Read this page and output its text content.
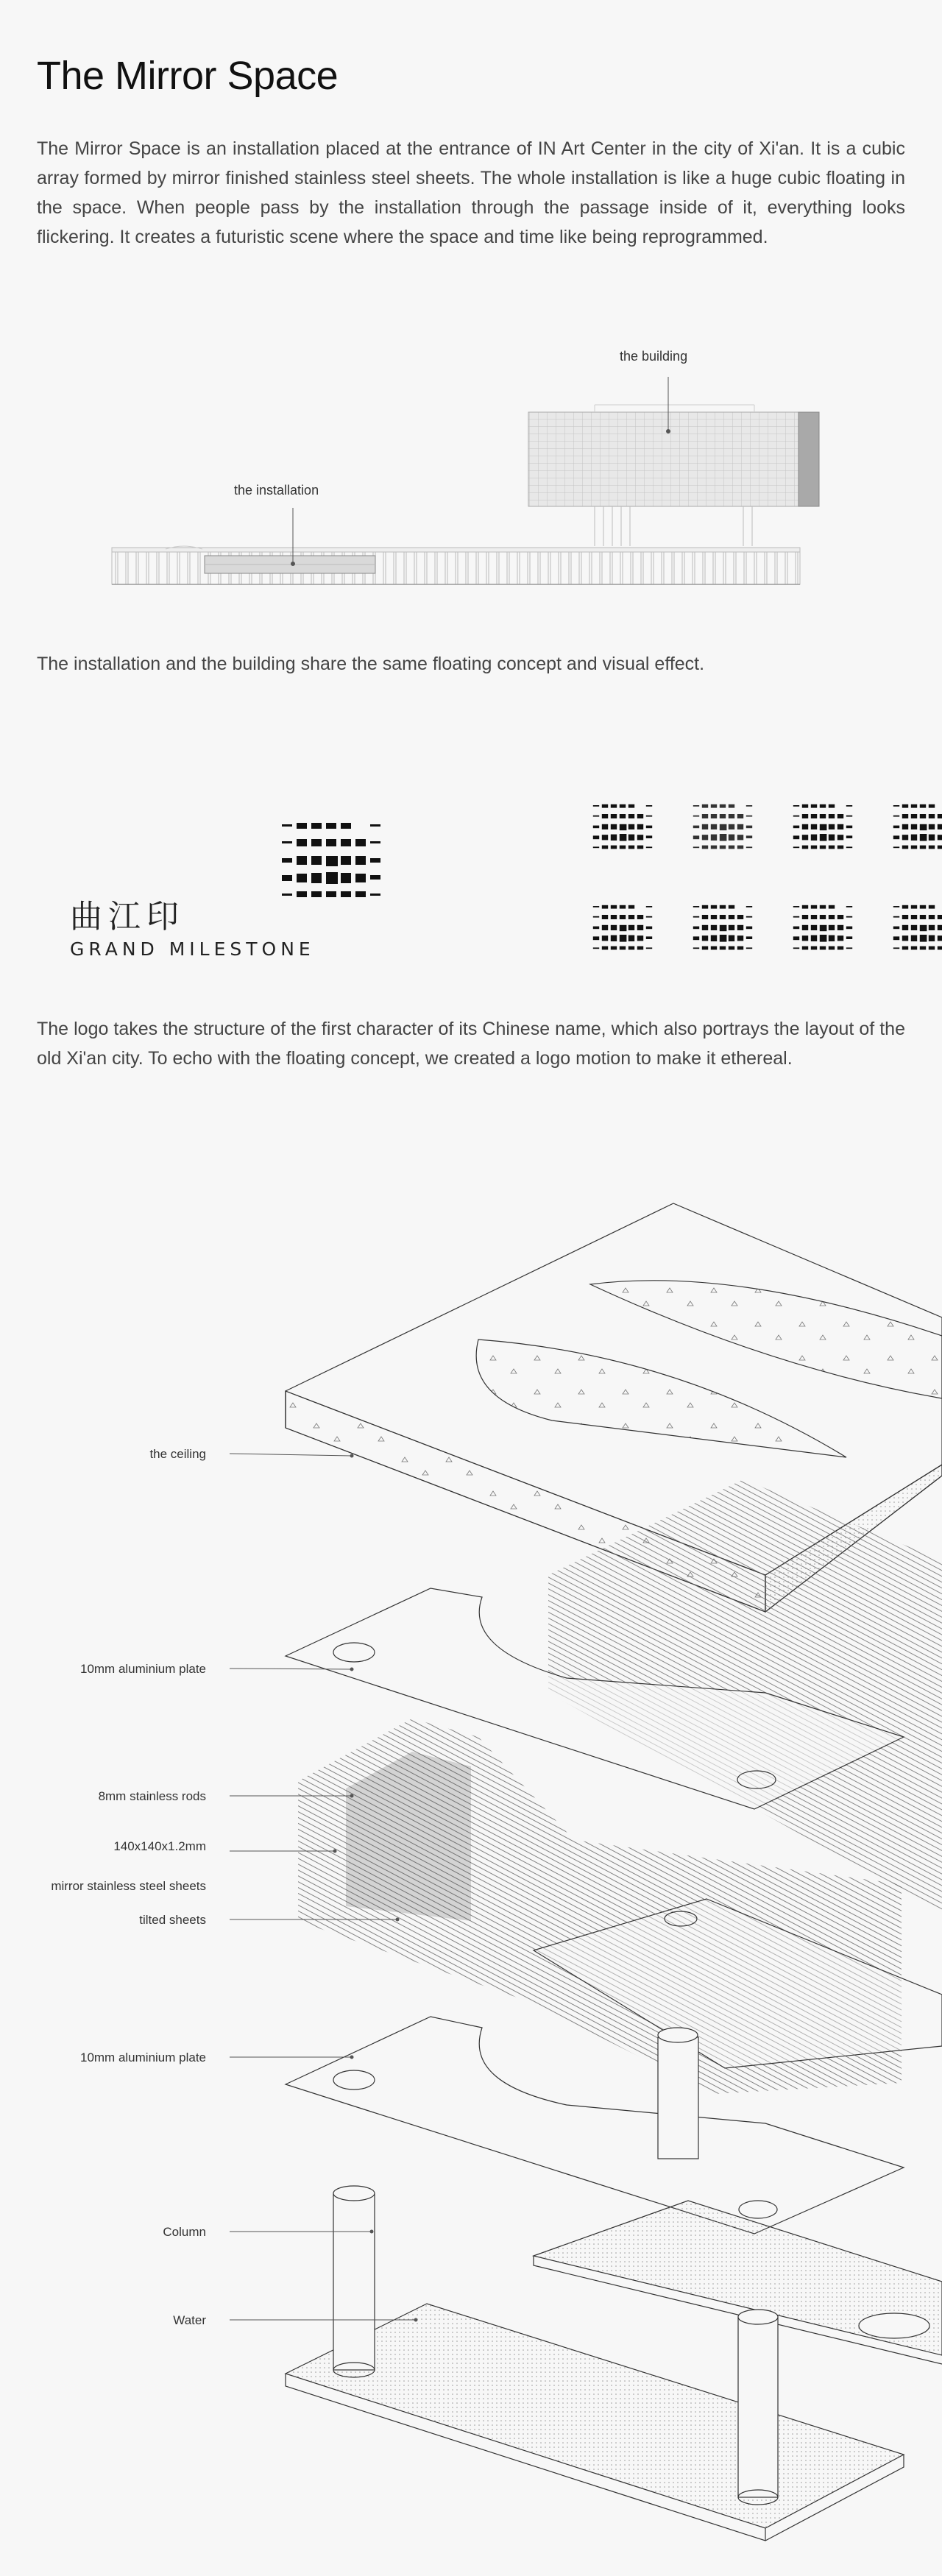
The Mirror Space

The Mirror Space is an installation placed at the entrance of IN Art Center in the city of Xi'an. It is a cubic array formed by mirror finished stainless steel sheets. The whole installation is like a huge cubic floating in the space. When people pass by the installation through the passage inside of it, everything looks flickering. It creates a futuristic scene where the space and time like being reprogrammed.

the building
the installation

The installation and the building share the same floating concept and visual effect.

曲江印
GRAND MILESTONE

The logo takes the structure of the first character of its Chinese name, which also portrays the layout of the old Xi'an city. To echo with the floating concept, we created a logo motion to make it ethereal.

the ceiling
10mm aluminium plate
8mm stainless rods
140x140x1.2mm
mirror stainless steel sheets
tilted sheets
10mm aluminium plate
Column
Water
